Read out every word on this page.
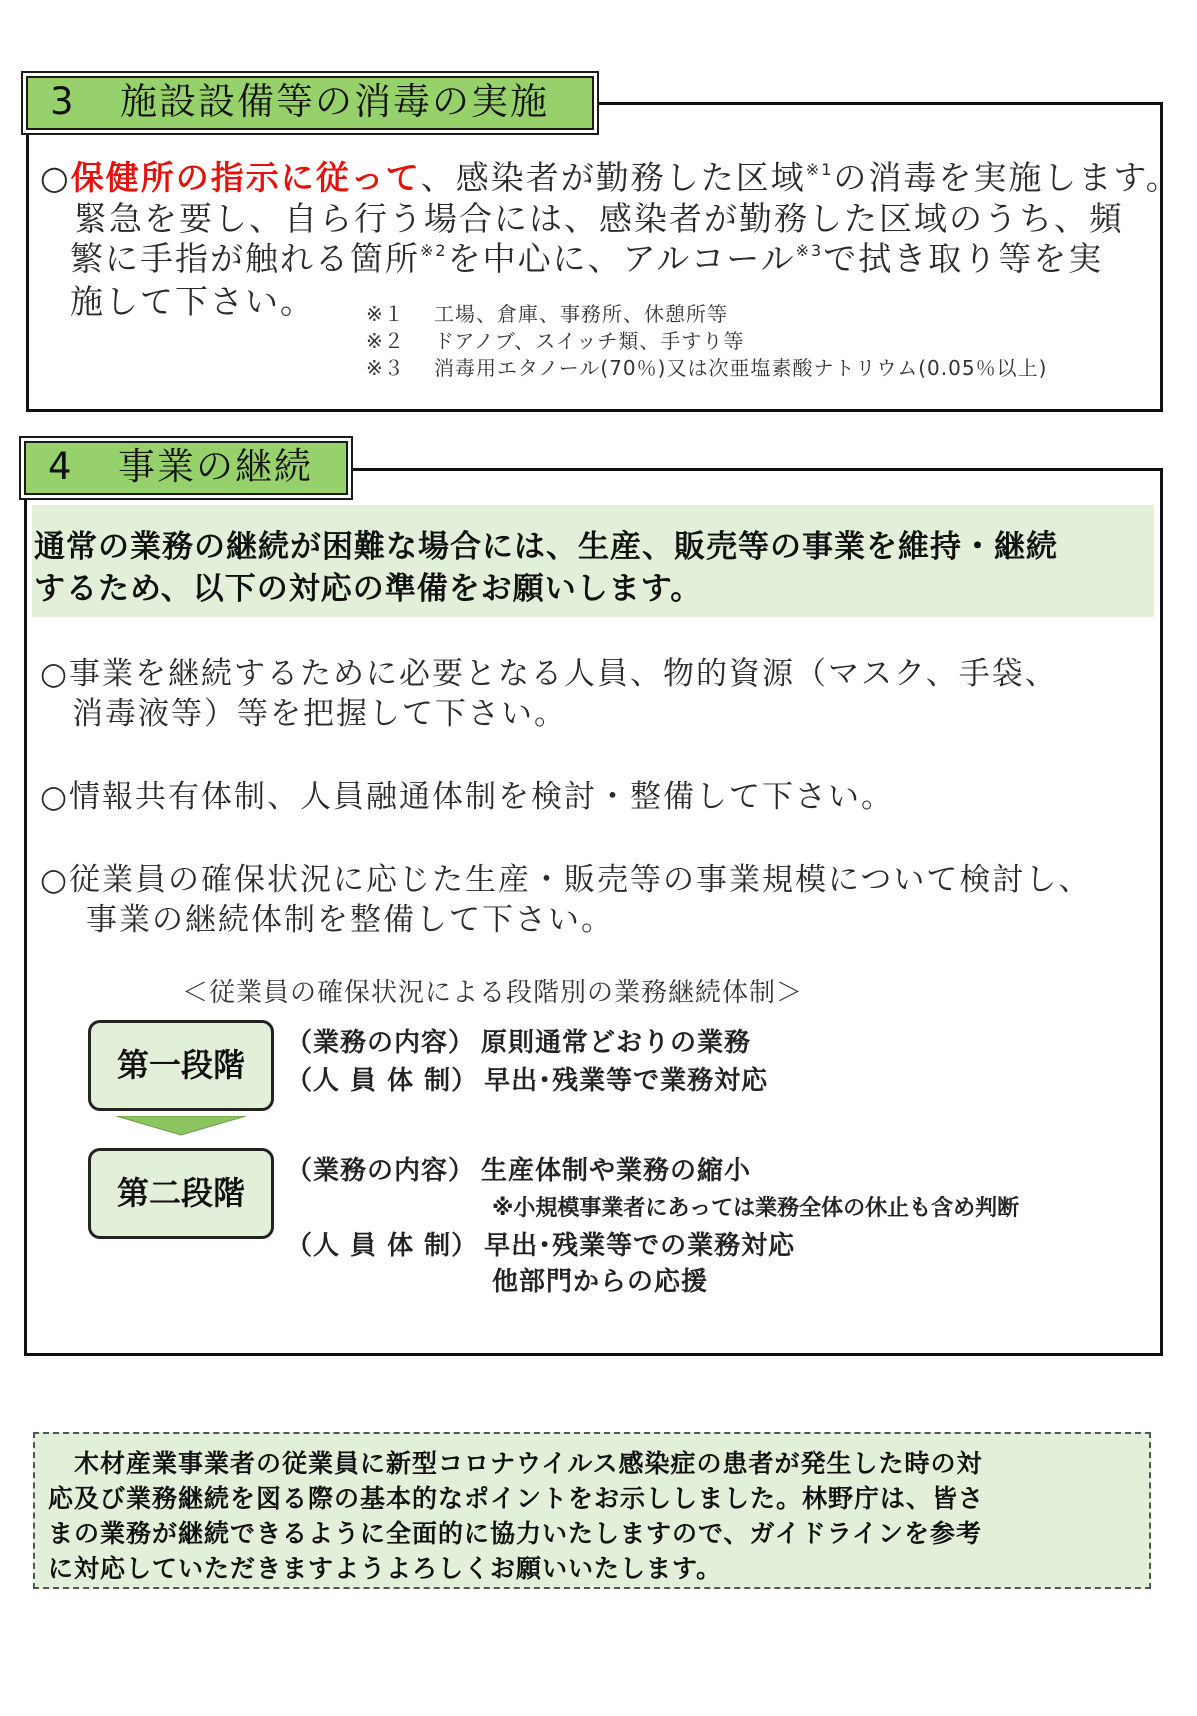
3 施設設備等の消毒の実施
○保健所の指示に従って、感染者が勤務した区域$^{※1}$の消毒を実施します。
緊急を要し、自ら行う場合には、感染者が勤務した区域のうち、頻
繁に手指が触れる箇所$^{※2}$を中心に、アルコール$^{※3}$で拭き取り等を実
施して下さい。	※１ 工場、倉庫、事務所、休憩所等
※２ ドアノブ、スイッチ類、手すり等
※３ 消毒用エタノール(70％)又は次亜塩素酸ナトリウム(0.05％以上)
4 事業の継続
通常の業務の継続が困難な場合には、生産、販売等の事業を維持・継続
するため、以下の対応の準備をお願いします。
○事業を継続するために必要となる人員、物的資源（マスク、手袋、
消毒液等）等を把握して下さい。
○情報共有体制、人員融通体制を検討・整備して下さい。
○従業員の確保状況に応じた生産・販売等の事業規模について検討し、
事業の継続体制を整備して下さい。
＜従業員の確保状況による段階別の業務継続体制＞
第一段階
（業務の内容） 原則通常どおりの業務
（人 員 体 制） 早出･残業等で業務対応
第二段階
（業務の内容） 生産体制や業務の縮小
※小規模事業者にあっては業務全体の休止も含め判断
（人 員 体 制） 早出･残業等での業務対応
他部門からの応援
　木材産業事業者の従業員に新型コロナウイルス感染症の患者が発生した時の対
応及び業務継続を図る際の基本的なポイントをお示ししました。林野庁は、皆さ
まの業務が継続できるように全面的に協力いたしますので、ガイドラインを参考
に対応していただきますようよろしくお願いいたします。
